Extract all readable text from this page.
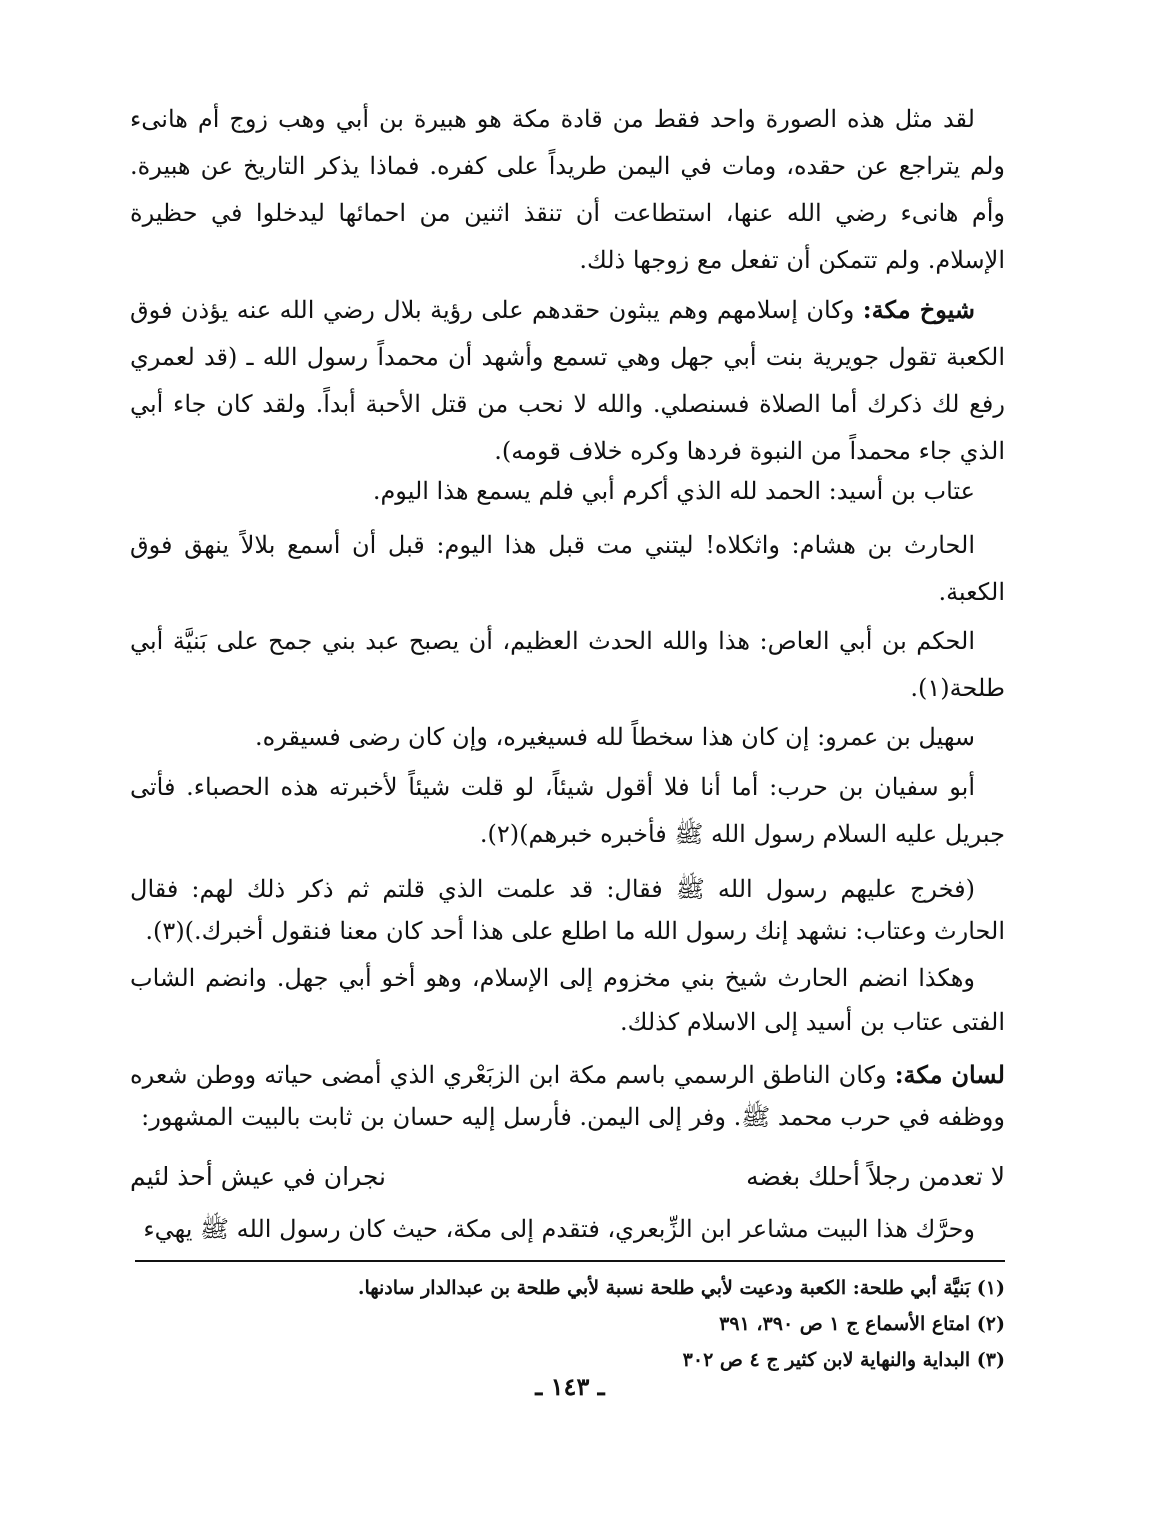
لقد مثل هذه الصورة واحد فقط من قادة مكة هو هبيرة بن أبي وهب زوج أم هانىء ولم يتراجع عن حقده، ومات في اليمن طريداً على كفره. فماذا يذكر التاريخ عن هبيرة. وأم هانىء رضي الله عنها، استطاعت أن تنقذ اثنين من احمائها ليدخلوا في حظيرة الإسلام. ولم تتمكن أن تفعل مع زوجها ذلك.

شيوخ مكة: وكان إسلامهم وهم يبثون حقدهم على رؤية بلال رضي الله عنه يؤذن فوق الكعبة تقول جويرية بنت أبي جهل وهي تسمع وأشهد أن محمداً رسول الله ـ (قد لعمري رفع لك ذكرك أما الصلاة فسنصلي. والله لا نحب من قتل الأحبة أبداً. ولقد كان جاء أبي الذي جاء محمداً من النبوة فردها وكره خلاف قومه).

عتاب بن أسيد: الحمد لله الذي أكرم أبي فلم يسمع هذا اليوم.

الحارث بن هشام: واثكلاه! ليتني مت قبل هذا اليوم: قبل أن أسمع بلالاً ينهق فوق الكعبة.

الحكم بن أبي العاص: هذا والله الحدث العظيم، أن يصبح عبد بني جمح على بَنيَّة أبي طلحة(١).

سهيل بن عمرو: إن كان هذا سخطاً لله فسيغيره، وإن كان رضى فسيقره.

أبو سفيان بن حرب: أما أنا فلا أقول شيئاً، لو قلت شيئاً لأخبرته هذه الحصباء. فأتى جبريل عليه السلام رسول الله ﷺ فأخبره خبرهم)(٢).

(فخرج عليهم رسول الله ﷺ فقال: قد علمت الذي قلتم ثم ذكر ذلك لهم: فقال الحارث وعتاب: نشهد إنك رسول الله ما اطلع على هذا أحد كان معنا فنقول أخبرك.)(٣).

وهكذا انضم الحارث شيخ بني مخزوم إلى الإسلام، وهو أخو أبي جهل. وانضم الشاب الفتى عتاب بن أسيد إلى الاسلام كذلك.

لسان مكة: وكان الناطق الرسمي باسم مكة ابن الزبَعْري الذي أمضى حياته ووطن شعره ووظفه في حرب محمد ﷺ. وفر إلى اليمن. فأرسل إليه حسان بن ثابت بالبيت المشهور:

لا تعدمن رجلاً أحلك بغضه
نجران في عيش أحذ لئيم

وحرَّك هذا البيت مشاعر ابن الزِّبعري، فتقدم إلى مكة، حيث كان رسول الله ﷺ يهيء

(١) بَنيَّة أبي طلحة: الكعبة ودعيت لأبي طلحة نسبة لأبي طلحة بن عبدالدار سادنها.
(٢) امتاع الأسماع ج ١ ص ٣٩٠، ٣٩١
(٣) البداية والنهاية لابن كثير ج ٤ ص ٣٠٢
ـ ١٤٣ ـ
